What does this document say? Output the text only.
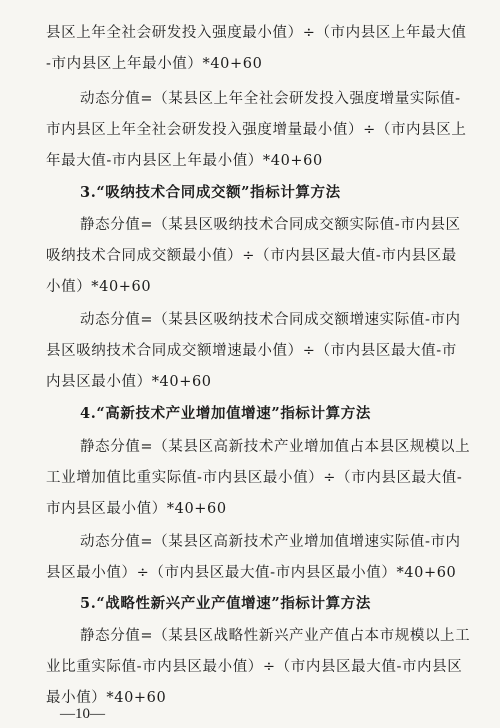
县区上年全社会研发投入强度最小值）÷（市内县区上年最大值
-市内县区上年最小值）*40+60
动态分值=（某县区上年全社会研发投入强度增量实际值-
市内县区上年全社会研发投入强度增量最小值）÷（市内县区上
年最大值-市内县区上年最小值）*40+60
3.“吸纳技术合同成交额”指标计算方法
静态分值=（某县区吸纳技术合同成交额实际值-市内县区
吸纳技术合同成交额最小值）÷（市内县区最大值-市内县区最
小值）*40+60
动态分值=（某县区吸纳技术合同成交额增速实际值-市内
县区吸纳技术合同成交额增速最小值）÷（市内县区最大值-市
内县区最小值）*40+60
4.“高新技术产业增加值增速”指标计算方法
静态分值=（某县区高新技术产业增加值占本县区规模以上
工业增加值比重实际值-市内县区最小值）÷（市内县区最大值-
市内县区最小值）*40+60
动态分值=（某县区高新技术产业增加值增速实际值-市内
县区最小值）÷（市内县区最大值-市内县区最小值）*40+60
5.“战略性新兴产业产值增速”指标计算方法
静态分值=（某县区战略性新兴产业产值占本市规模以上工
业比重实际值-市内县区最小值）÷（市内县区最大值-市内县区
最小值）*40+60
—10—
